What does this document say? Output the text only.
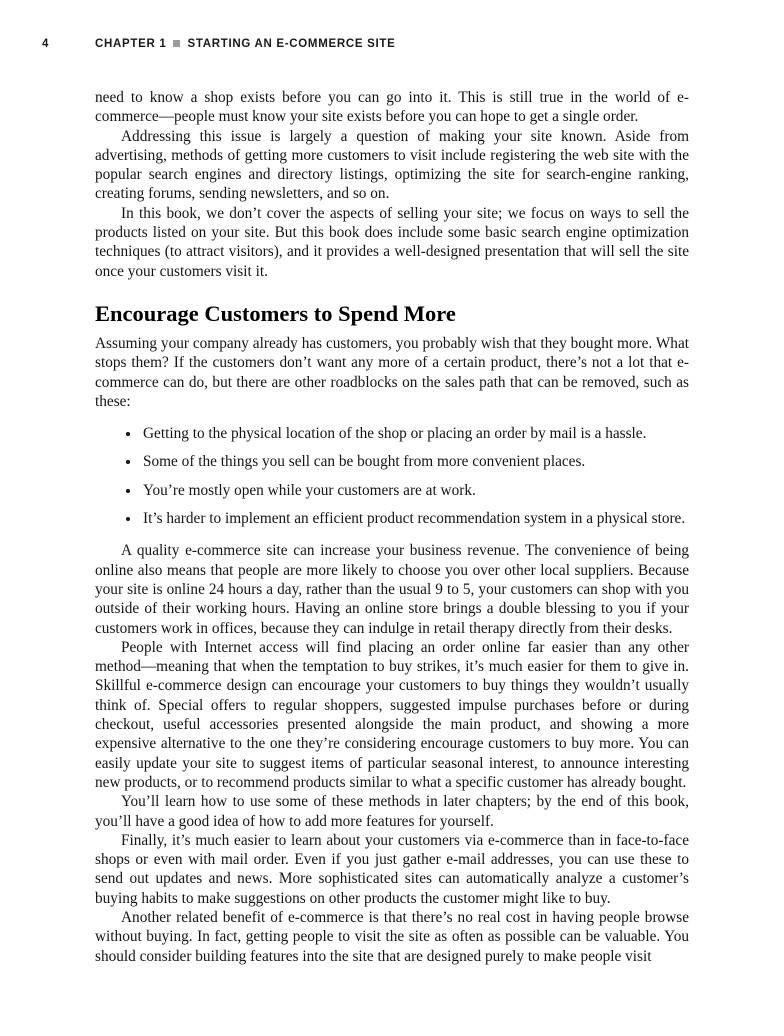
4	CHAPTER 1 STARTING AN E-COMMERCE SITE

need to know a shop exists before you can go into it. This is still true in the world of e-commerce—people must know your site exists before you can hope to get a single order.

Addressing this issue is largely a question of making your site known. Aside from advertising, methods of getting more customers to visit include registering the web site with the popular search engines and directory listings, optimizing the site for search-engine ranking, creating forums, sending newsletters, and so on.

In this book, we don’t cover the aspects of selling your site; we focus on ways to sell the products listed on your site. But this book does include some basic search engine optimization techniques (to attract visitors), and it provides a well-designed presentation that will sell the site once your customers visit it.

Encourage Customers to Spend More

Assuming your company already has customers, you probably wish that they bought more. What stops them? If the customers don’t want any more of a certain product, there’s not a lot that e-commerce can do, but there are other roadblocks on the sales path that can be removed, such as these:

• Getting to the physical location of the shop or placing an order by mail is a hassle.
• Some of the things you sell can be bought from more convenient places.
• You’re mostly open while your customers are at work.
• It’s harder to implement an efficient product recommendation system in a physical store.

A quality e-commerce site can increase your business revenue. The convenience of being online also means that people are more likely to choose you over other local suppliers. Because your site is online 24 hours a day, rather than the usual 9 to 5, your customers can shop with you outside of their working hours. Having an online store brings a double blessing to you if your customers work in offices, because they can indulge in retail therapy directly from their desks.

People with Internet access will find placing an order online far easier than any other method—meaning that when the temptation to buy strikes, it’s much easier for them to give in. Skillful e-commerce design can encourage your customers to buy things they wouldn’t usually think of. Special offers to regular shoppers, suggested impulse purchases before or during checkout, useful accessories presented alongside the main product, and showing a more expensive alternative to the one they’re considering encourage customers to buy more. You can easily update your site to suggest items of particular seasonal interest, to announce interesting new products, or to recommend products similar to what a specific customer has already bought.

You’ll learn how to use some of these methods in later chapters; by the end of this book, you’ll have a good idea of how to add more features for yourself.

Finally, it’s much easier to learn about your customers via e-commerce than in face-to-face shops or even with mail order. Even if you just gather e-mail addresses, you can use these to send out updates and news. More sophisticated sites can automatically analyze a customer’s buying habits to make suggestions on other products the customer might like to buy.

Another related benefit of e-commerce is that there’s no real cost in having people browse without buying. In fact, getting people to visit the site as often as possible can be valuable. You should consider building features into the site that are designed purely to make people visit
